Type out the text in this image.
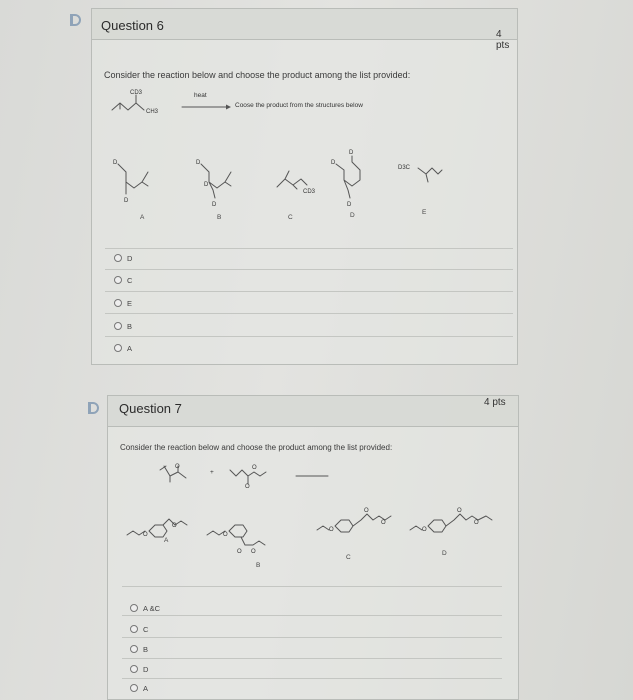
Question 6
4 pts
Consider the reaction below and choose the product among the list provided:
CD3
CH3
heat
→ Coose the product from the structures below
D
D
D
D
D
CD3
D
D
D
D3C
A	B	C	D	E
D
C
E
B
A
Question 7	4 pts
Consider the reaction below and choose the product among the list provided:
O
+
O
O
O
O
O
O O
O
O
O
O
O
O
A
B
C
D
A &C
C
B
D
A
